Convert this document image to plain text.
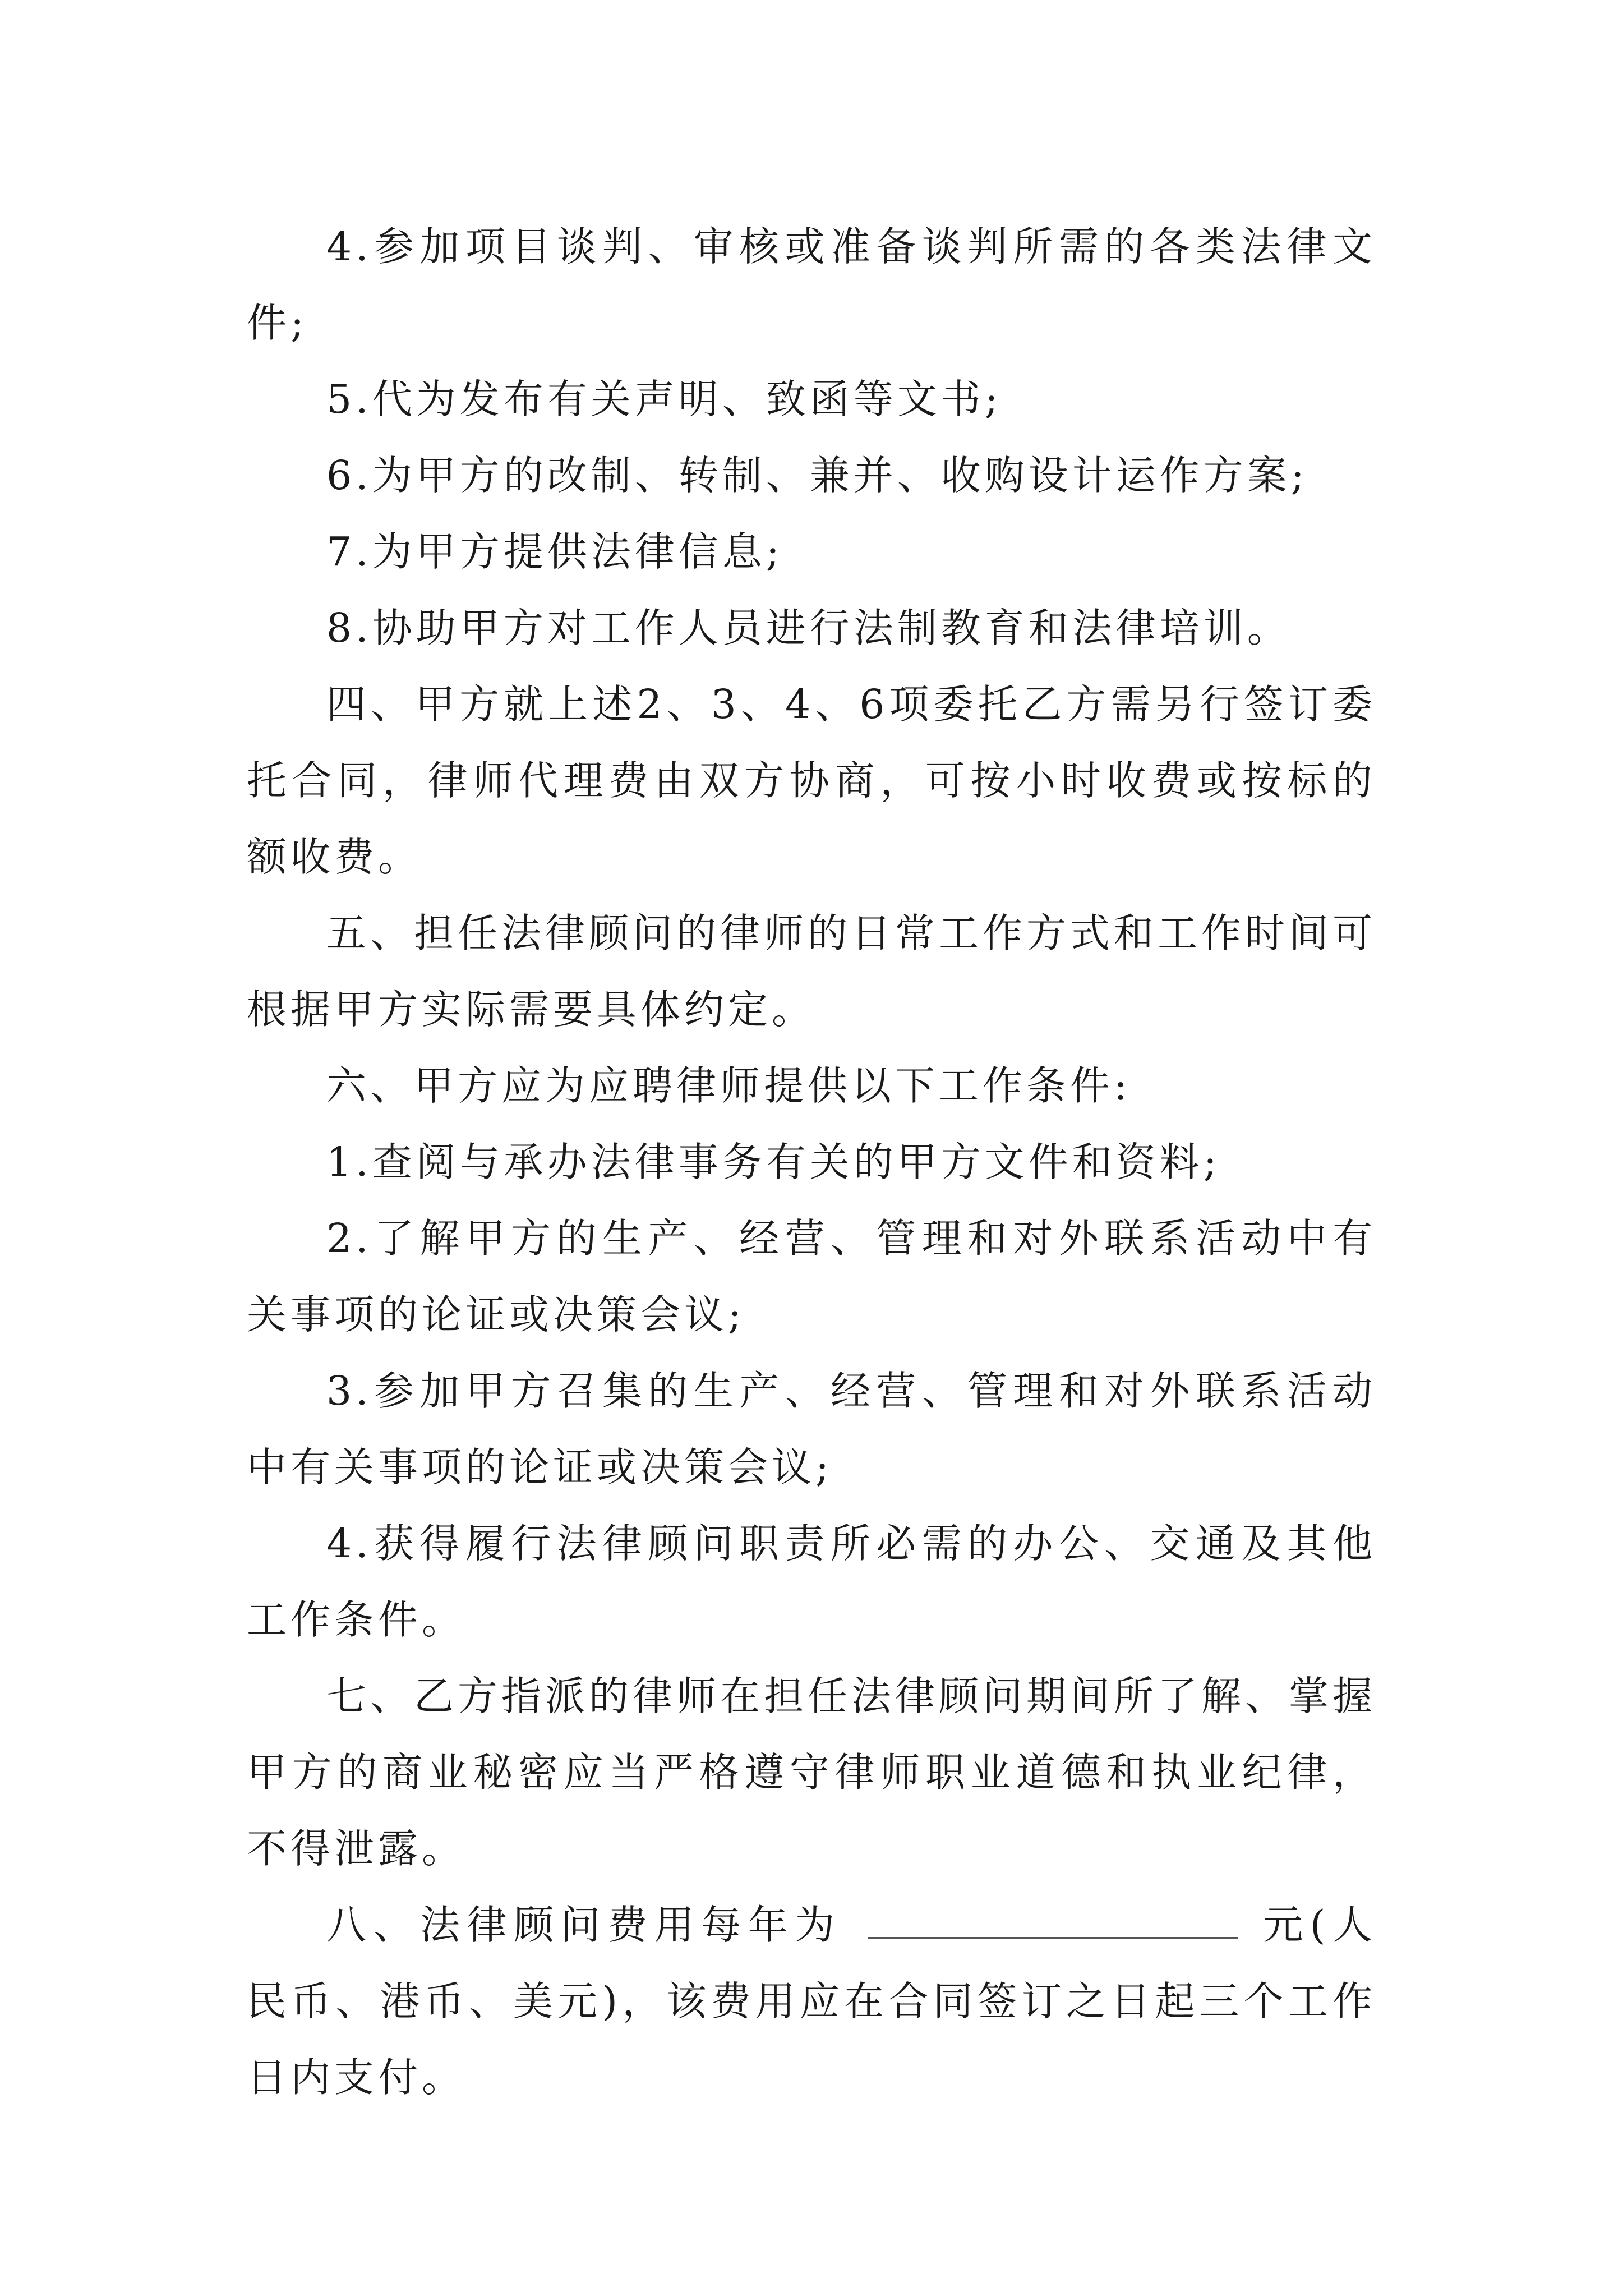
4.参加项目谈判、审核或准备谈判所需的各类法律文件;

5.代为发布有关声明、致函等文书;

6.为甲方的改制、转制、兼并、收购设计运作方案;

7.为甲方提供法律信息;

8.协助甲方对工作人员进行法制教育和法律培训。

四、甲方就上述2、3、4、6项委托乙方需另行签订委托合同，律师代理费由双方协商，可按小时收费或按标的额收费。

五、担任法律顾问的律师的日常工作方式和工作时间可根据甲方实际需要具体约定。

六、甲方应为应聘律师提供以下工作条件:

1.查阅与承办法律事务有关的甲方文件和资料;

2.了解甲方的生产、经营、管理和对外联系活动中有关事项的论证或决策会议;

3.参加甲方召集的生产、经营、管理和对外联系活动中有关事项的论证或决策会议;

4.获得履行法律顾问职责所必需的办公、交通及其他工作条件。

七、乙方指派的律师在担任法律顾问期间所了解、掌握甲方的商业秘密应当严格遵守律师职业道德和执业纪律，不得泄露。

八、法律顾问费用每年为	元(人民币、港币、美元)，该费用应在合同签订之日起三个工作日内支付。
